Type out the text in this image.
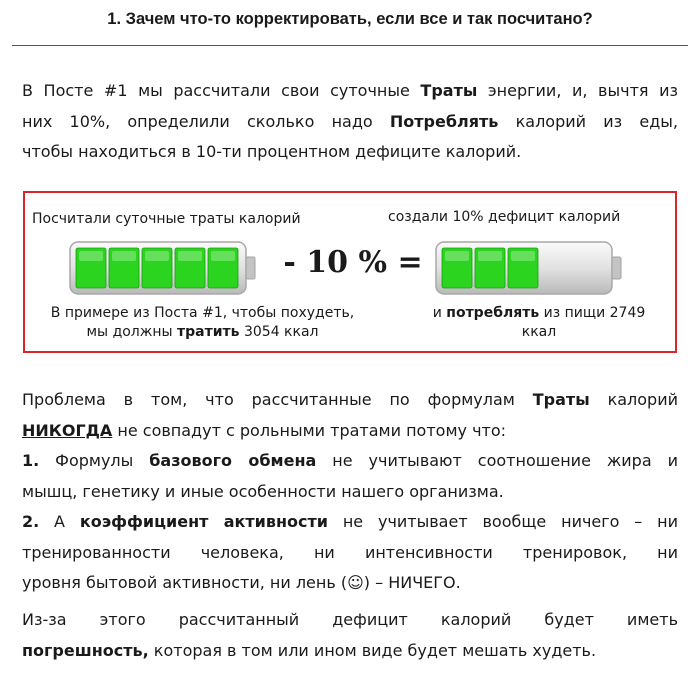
1. Зачем что-то корректировать, если все и так посчитано?
В Посте #1 мы рассчитали свои суточные Траты энергии, и, вычтя из
них 10%, определили сколько надо Потреблять калорий из еды,
чтобы находиться в 10-ти процентном дефиците калорий.
Посчитали суточные траты калорий	создали 10% дефицит калорий
- 10 % =
В примере из Поста #1, чтобы похудеть,
мы должны тратить 3054 ккал
и потреблять из пищи 2749
ккал
Проблема в том, что рассчитанные по формулам Траты калорий
НИКОГДА не совпадут с рольными тратами потому что:
1. Формулы базового обмена не учитывают соотношение жира и
мышц, генетику и иные особенности нашего организма.
2. А коэффициент активности не учитывает вообще ничего – ни
тренированности человека, ни интенсивности тренировок, ни
уровня бытовой активности, ни лень (☺) – НИЧЕГО.
Из-за этого рассчитанный дефицит калорий будет иметь
погрешность, которая в том или ином виде будет мешать худеть.
